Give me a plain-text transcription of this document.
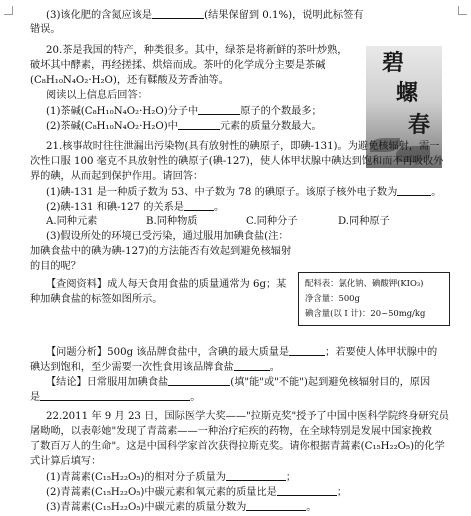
(3)该化肥的含氮应该是	(结果保留到 0.1%)，说明此标签有
错误。
20.茶是我国的特产，种类很多。其中，绿茶是将新鲜的茶叶炒熟，
破坏其中酵素，再经搓揉、烘焙而成。茶叶的化学成分主要是茶碱
(C₈H₁₀N₄O₂·H₂O)，还有鞣酸及芳香油等。
阅读以上信息后回答：
(1)茶碱(C₈H₁₀N₄O₂·H₂O)分子中	原子的个数最多；
(2)茶碱(C₈H₁₀N₄O₂·H₂O)中	元素的质量分数最大。
碧
螺
春
21.核事故时往往泄漏出污染物(具有放射性的碘原子，即碘-131)。为避免核辐射，需一
次性口服 100 毫克不具放射性的碘原子(碘-127)，使人体甲状腺中碘达到饱和而不再吸收外
界的碘，从而起到保护作用。请回答：
(1)碘-131 是一种质子数为 53、中子数为 78 的碘原子。该原子核外电子数为	。
(2)碘-131 和碘-127 的关系是	。
A.同种元素	B.同种物质	C.同种分子	D.同种原子
(3)假设所处的环境已受污染，通过服用加碘食盐(注：
加碘食盐中的碘为碘-127)的方法能否有效起到避免核辐射
的目的呢？
【查阅资料】成人每天食用食盐的质量通常为 6g；某
种加碘食盐的标签如图所示。
配料表：氯化钠、碘酸钾(KIO₃)
净含量：500g
碘含量(以 I 计)：20~50mg/kg
【问题分析】500g 该品牌食盐中，含碘的最大质量是	；若要使人体甲状腺中的
碘达到饱和，至少需要一次性食用该品牌食盐	。
【结论】日常服用加碘食盐	(填"能"或"不能")起到避免核辐射目的，原因
是	。
22.2011 年 9 月 23 日，国际医学大奖——"拉斯克奖"授予了中国中医科学院终身研究员
屠呦呦，以表彰她"发现了青蒿素——一种治疗疟疾的药物，在全球特别是发展中国家挽救
了数百万人的生命"。这是中国科学家首次获得拉斯克奖。请你根据青蒿素(C₁₅H₂₂O₅)的化学
式计算后填写：
(1)青蒿素(C₁₅H₂₂O₅)的相对分子质量为	；
(2)青蒿素(C₁₅H₂₂O₅)中碳元素和氧元素的质量比是	；
(3)青蒿素(C₁₅H₂₂O₅)中碳元素的质量分数为	。
